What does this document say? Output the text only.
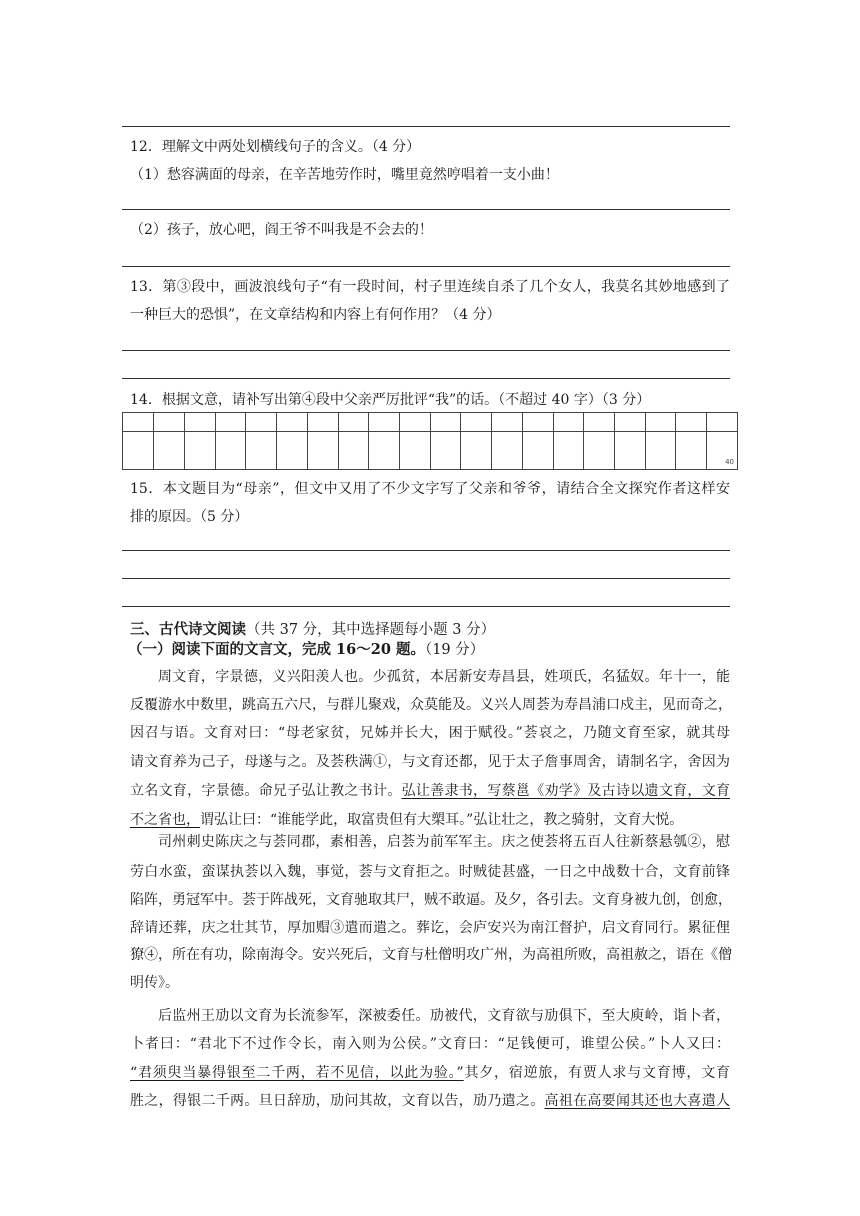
12．理解文中两处划横线句子的含义。（4 分）
（1）愁容满面的母亲，在辛苦地劳作时，嘴里竟然哼唱着一支小曲！
（2）孩子，放心吧，阎王爷不叫我是不会去的！
13．第③段中，画波浪线句子“有一段时间，村子里连续自杀了几个女人，我莫名其妙地感到了
一种巨大的恐惧”，在文章结构和内容上有何作用？（4 分）
14．根据文意，请补写出第④段中父亲严厉批评“我”的话。（不超过 40 字）（3 分）

																			40
15．本文题目为“母亲”，但文中又用了不少文字写了父亲和爷爷，请结合全文探究作者这样安
排的原因。（5 分）
三、古代诗文阅读（共 37 分，其中选择题每小题 3 分）
（一）阅读下面的文言文，完成 16～20 题。（19 分）
周文育，字景德，义兴阳羡人也。少孤贫，本居新安寿昌县，姓项氏，名猛奴。年十一，能
反覆游水中数里，跳高五六尺，与群儿聚戏，众莫能及。义兴人周荟为寿昌浦口戍主，见而奇之，
因召与语。文育对曰：“母老家贫，兄姊并长大，困于赋役。”荟哀之，乃随文育至家，就其母
请文育养为己子，母遂与之。及荟秩满①，与文育还都，见于太子詹事周舍，请制名字，舍因为
立名文育，字景德。命兄子弘让教之书计。弘让善隶书，写蔡邕《劝学》及古诗以遗文育，文育
不之省也，谓弘让曰：“谁能学此，取富贵但有大槊耳。”弘让壮之，教之骑射，文育大悦。
司州刺史陈庆之与荟同郡，素相善，启荟为前军军主。庆之使荟将五百人往新蔡悬瓠②，慰
劳白水蛮，蛮谋执荟以入魏，事觉，荟与文育拒之。时贼徒甚盛，一日之中战数十合，文育前锋
陷阵，勇冠军中。荟于阵战死，文育驰取其尸，贼不敢逼。及夕，各引去。文育身被九创，创愈，
辞请还葬，庆之壮其节，厚加赗③遣而遣之。葬讫，会庐安兴为南江督护，启文育同行。累征俚
獠④，所在有功，除南海令。安兴死后，文育与杜僧明攻广州，为高祖所败，高祖赦之，语在《僧
明传》。
后监州王劢以文育为长流参军，深被委任。劢被代，文育欲与劢俱下，至大庾岭，诣卜者，
卜者曰：“君北下不过作令长，南入则为公侯。”文育曰：“足钱便可，谁望公侯。”卜人又曰：
“君须臾当暴得银至二千两，若不见信，以此为验。”其夕，宿逆旅，有贾人求与文育博，文育
胜之，得银二千两。旦日辞劢，劢问其故，文育以告，劢乃遣之。高祖在高要闻其还也大喜遣人
